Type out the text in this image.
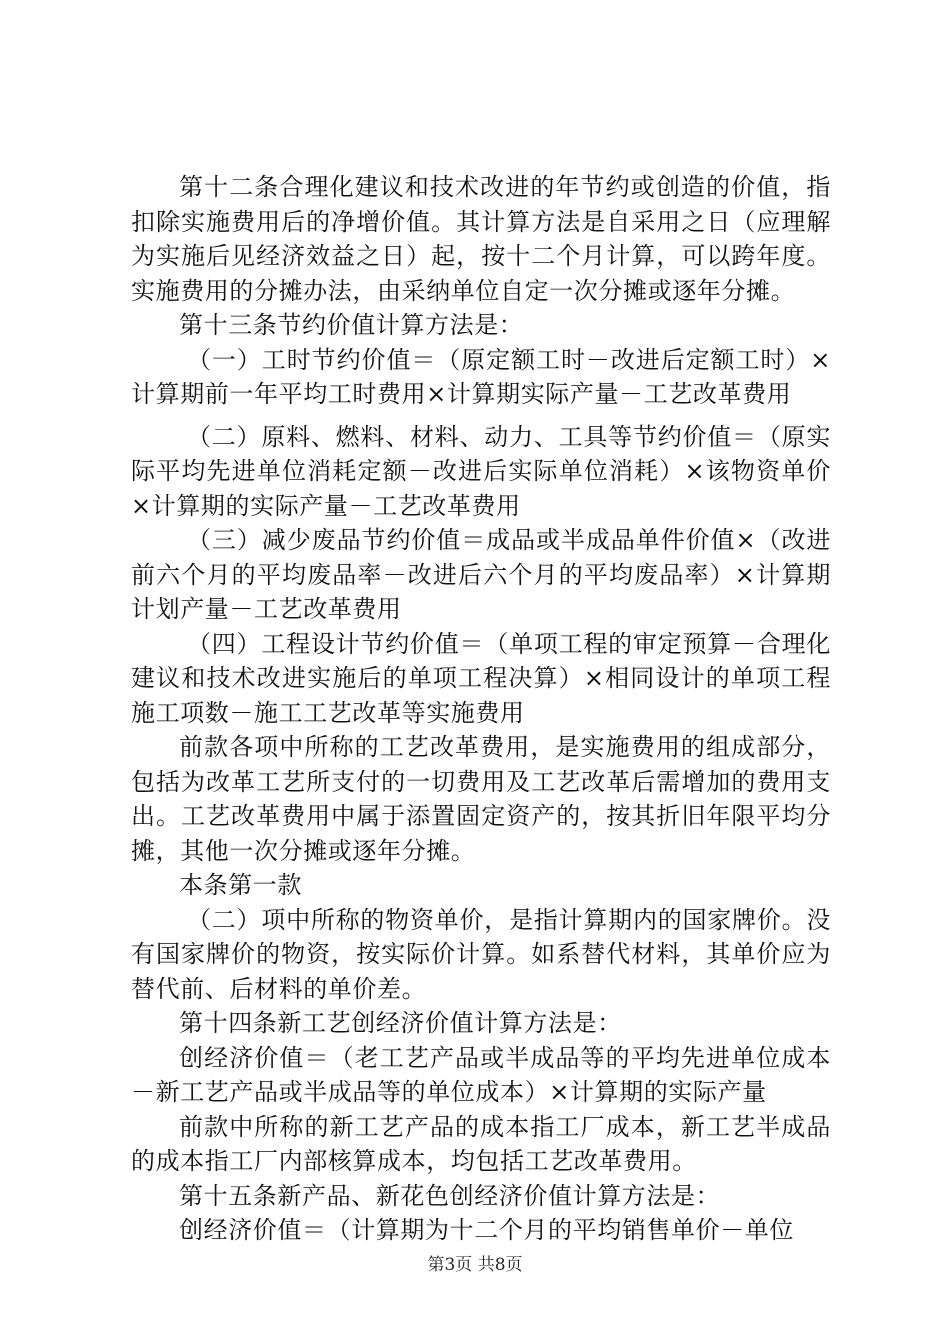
第十二条合理化建议和技术改进的年节约或创造的价值，指扣除实施费用后的净增价值。其计算方法是自采用之日（应理解为实施后见经济效益之日）起，按十二个月计算，可以跨年度。实施费用的分摊办法，由采纳单位自定一次分摊或逐年分摊。

第十三条节约价值计算方法是：

（一）工时节约价值＝（原定额工时－改进后定额工时）×计算期前一年平均工时费用×计算期实际产量－工艺改革费用

（二）原料、燃料、材料、动力、工具等节约价值＝（原实际平均先进单位消耗定额－改进后实际单位消耗）×该物资单价×计算期的实际产量－工艺改革费用

（三）减少废品节约价值＝成品或半成品单件价值×（改进前六个月的平均废品率－改进后六个月的平均废品率）×计算期计划产量－工艺改革费用

（四）工程设计节约价值＝（单项工程的审定预算－合理化建议和技术改进实施后的单项工程决算）×相同设计的单项工程施工项数－施工工艺改革等实施费用

前款各项中所称的工艺改革费用，是实施费用的组成部分，包括为改革工艺所支付的一切费用及工艺改革后需增加的费用支出。工艺改革费用中属于添置固定资产的，按其折旧年限平均分摊，其他一次分摊或逐年分摊。

本条第一款

（二）项中所称的物资单价，是指计算期内的国家牌价。没有国家牌价的物资，按实际价计算。如系替代材料，其单价应为替代前、后材料的单价差。

第十四条新工艺创经济价值计算方法是：

创经济价值＝（老工艺产品或半成品等的平均先进单位成本－新工艺产品或半成品等的单位成本）×计算期的实际产量

前款中所称的新工艺产品的成本指工厂成本，新工艺半成品的成本指工厂内部核算成本，均包括工艺改革费用。

第十五条新产品、新花色创经济价值计算方法是：

创经济价值＝（计算期为十二个月的平均销售单价－单位

第3页 共8页
